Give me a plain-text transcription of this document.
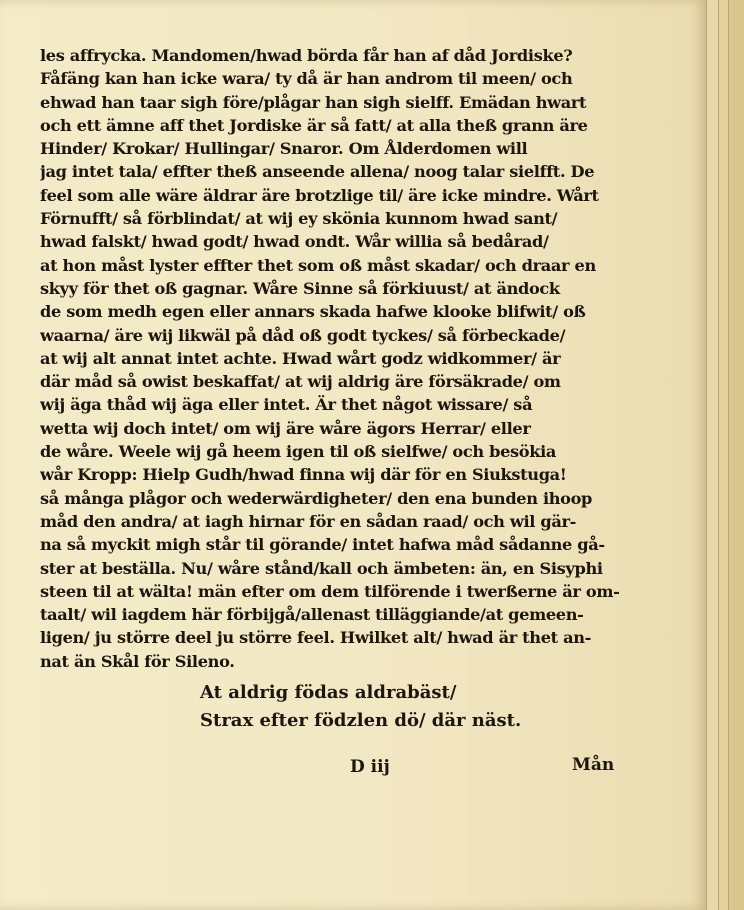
les affrycka. Mandomen/hwad börda får han af dåd Jordiske?
Fåfäng kan han icke wara/ ty då är han androm til meen/ och
ehwad han taar sigh före/plågar han sigh sielff. Emädan hwart
och ett ämne aff thet Jordiske är så fatt/ at alla theß grann äre
Hinder/ Krokar/ Hullingar/ Snaror. Om Ålderdomen will
jag intet tala/ effter theß anseende allena/ noog talar sielfft. De
feel som alle wäre äldrar äre brotzlige til/ äre icke mindre. Wårt
Förnufft/ så förblindat/ at wij ey skönia kunnom hwad sant/
hwad falskt/ hwad godt/ hwad ondt. Wår willia så bedårad/
at hon måst lyster effter thet som oß måst skadar/ och draar en
skyy för thet oß gagnar. Wåre Sinne så förkiuust/ at ändock
de som medh egen eller annars skada hafwe klooke blifwit/ oß
waarna/ äre wij likwäl på dåd oß godt tyckes/ så förbeckade/
at wij alt annat intet achte. Hwad wårt godz widkommer/ är
där måd så owist beskaffat/ at wij aldrig äre försäkrade/ om
wij äga thåd wij äga eller intet. Är thet något wissare/ så
wetta wij doch intet/ om wij äre wåre ägors Herrar/ eller
de wåre. Weele wij gå heem igen til oß sielfwe/ och besökia
wår Kropp: Hielp Gudh/hwad finna wij där för en Siukstuga!
så många plågor och wederwärdigheter/ den ena bunden ihoop
måd den andra/ at iagh hirnar för en sådan raad/ och wil gär-
na så myckit migh står til görande/ intet hafwa måd sådanne gå-
ster at beställa. Nu/ wåre stånd/kall och ämbeten: än, en Sisyphi
steen til at wälta! män efter om dem tilförende i twerßerne är om-
taalt/ wil iagdem här förbijgå/allenast tilläggiande/at gemeen-
ligen/ ju större deel ju större feel. Hwilket alt/ hwad är thet an-
nat än Skål för Sileno.
At aldrig födas aldrabäst/
Strax efter födzlen dö/ där näst.
D iij	Mån
